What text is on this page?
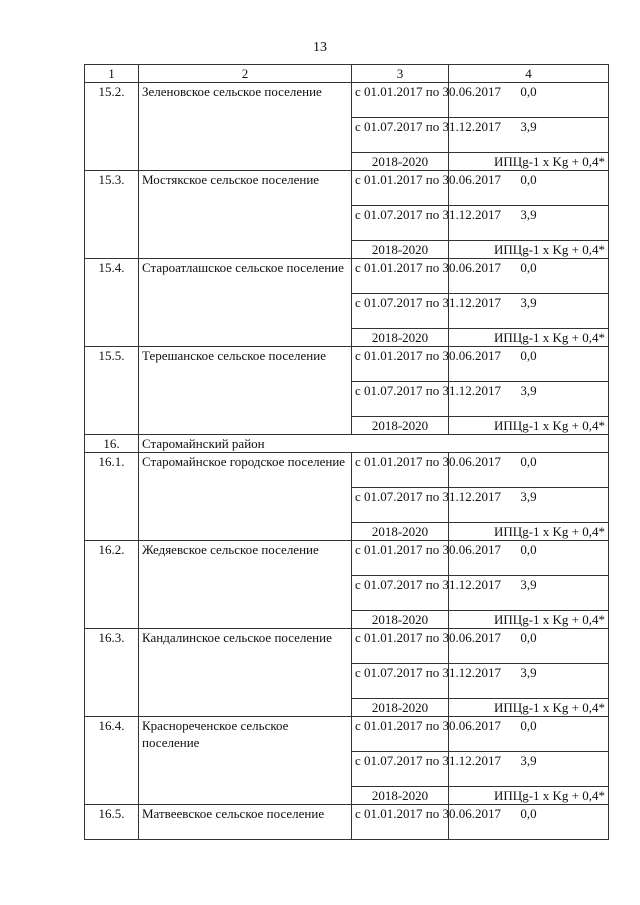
13
1	2	3	4
15.2.	Зеленовское сельское поселение	с 01.01.2017 по 30.06.2017	0,0
		с 01.07.2017 по 31.12.2017	3,9
		2018-2020	ИПЦg-1 x Kg + 0,4*
15.3.	Мостякское сельское поселение	с 01.01.2017 по 30.06.2017	0,0
		с 01.07.2017 по 31.12.2017	3,9
		2018-2020	ИПЦg-1 x Kg + 0,4*
15.4.	Староатлашское сельское поселение	с 01.01.2017 по 30.06.2017	0,0
		с 01.07.2017 по 31.12.2017	3,9
		2018-2020	ИПЦg-1 x Kg + 0,4*
15.5.	Терешанское сельское поселение	с 01.01.2017 по 30.06.2017	0,0
		с 01.07.2017 по 31.12.2017	3,9
		2018-2020	ИПЦg-1 x Kg + 0,4*
16.	Старомайнский район		
16.1.	Старомайнское городское поселение	с 01.01.2017 по 30.06.2017	0,0
		с 01.07.2017 по 31.12.2017	3,9
		2018-2020	ИПЦg-1 x Kg + 0,4*
16.2.	Жедяевское сельское поселение	с 01.01.2017 по 30.06.2017	0,0
		с 01.07.2017 по 31.12.2017	3,9
		2018-2020	ИПЦg-1 x Kg + 0,4*
16.3.	Кандалинское сельское поселение	с 01.01.2017 по 30.06.2017	0,0
		с 01.07.2017 по 31.12.2017	3,9
		2018-2020	ИПЦg-1 x Kg + 0,4*
16.4.	Краснореченское сельское поселение	с 01.01.2017 по 30.06.2017	0,0
		с 01.07.2017 по 31.12.2017	3,9
		2018-2020	ИПЦg-1 x Kg + 0,4*
16.5.	Матвеевское сельское поселение	с 01.01.2017 по 30.06.2017	0,0
